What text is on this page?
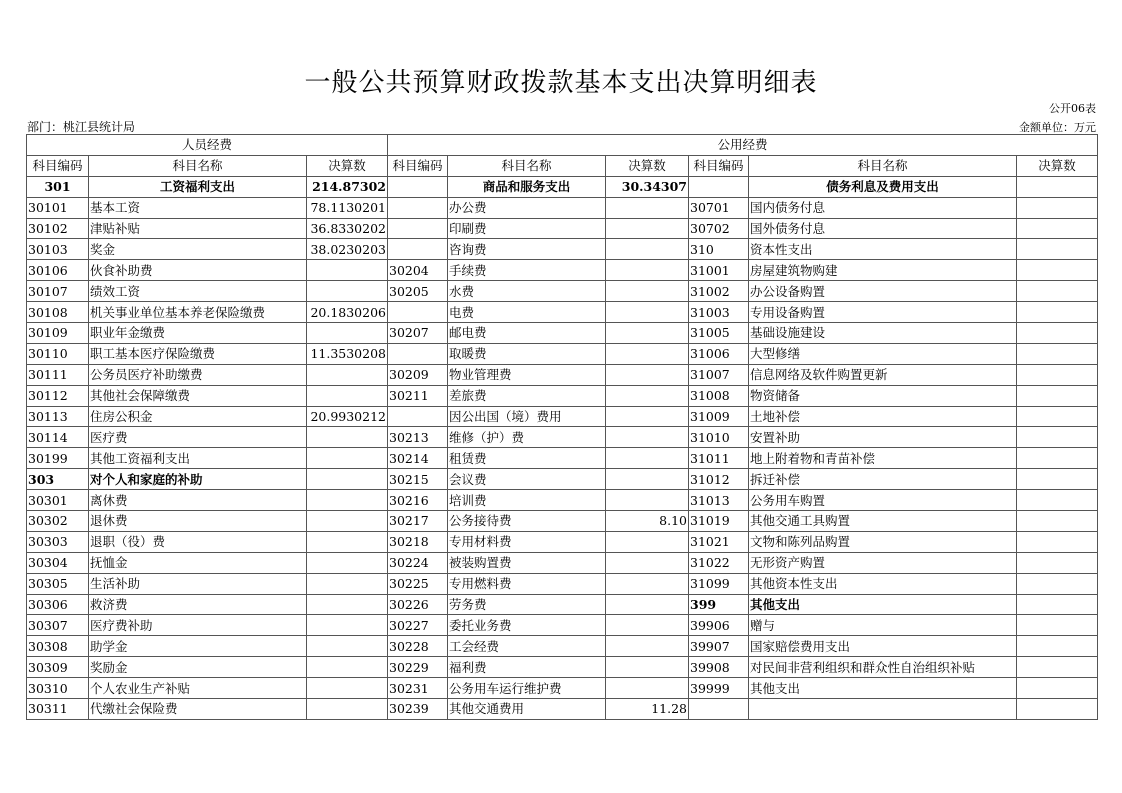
一般公共预算财政拨款基本支出决算明细表
公开06表
部门：桃江县统计局	金额单位：万元
人员经费			公用经费					
科目编码	科目名称	决算数	科目编码	科目名称	决算数	科目编码	科目名称	决算数
301	工资福利支出	214.87302		商品和服务支出	30.34307		债务利息及费用支出	
30101	基本工资	78.1130201		办公费		30701	国内债务付息	
30102	津贴补贴	36.8330202		印刷费		30702	国外债务付息	
30103	奖金	38.0230203		咨询费		310	资本性支出	
30106	伙食补助费		30204	手续费		31001	房屋建筑物购建	
30107	绩效工资		30205	水费		31002	办公设备购置	
30108	机关事业单位基本养老保险缴费	20.1830206		电费		31003	专用设备购置	
30109	职业年金缴费		30207	邮电费		31005	基础设施建设	
30110	职工基本医疗保险缴费	11.3530208		取暖费		31006	大型修缮	
30111	公务员医疗补助缴费		30209	物业管理费		31007	信息网络及软件购置更新	
30112	其他社会保障缴费		30211	差旅费		31008	物资储备	
30113	住房公积金	20.9930212		因公出国（境）费用		31009	土地补偿	
30114	医疗费		30213	维修（护）费		31010	安置补助	
30199	其他工资福利支出		30214	租赁费		31011	地上附着物和青苗补偿	
303	对个人和家庭的补助		30215	会议费		31012	拆迁补偿	
30301	离休费		30216	培训费		31013	公务用车购置	
30302	退休费		30217	公务接待费	8.10	31019	其他交通工具购置	
30303	退职（役）费		30218	专用材料费		31021	文物和陈列品购置	
30304	抚恤金		30224	被装购置费		31022	无形资产购置	
30305	生活补助		30225	专用燃料费		31099	其他资本性支出	
30306	救济费		30226	劳务费		399	其他支出	
30307	医疗费补助		30227	委托业务费		39906	赠与	
30308	助学金		30228	工会经费		39907	国家赔偿费用支出	
30309	奖励金		30229	福利费		39908	对民间非营利组织和群众性自治组织补贴	
30310	个人农业生产补贴		30231	公务用车运行维护费		39999	其他支出	
30311	代缴社会保险费		30239	其他交通费用	11.28			
